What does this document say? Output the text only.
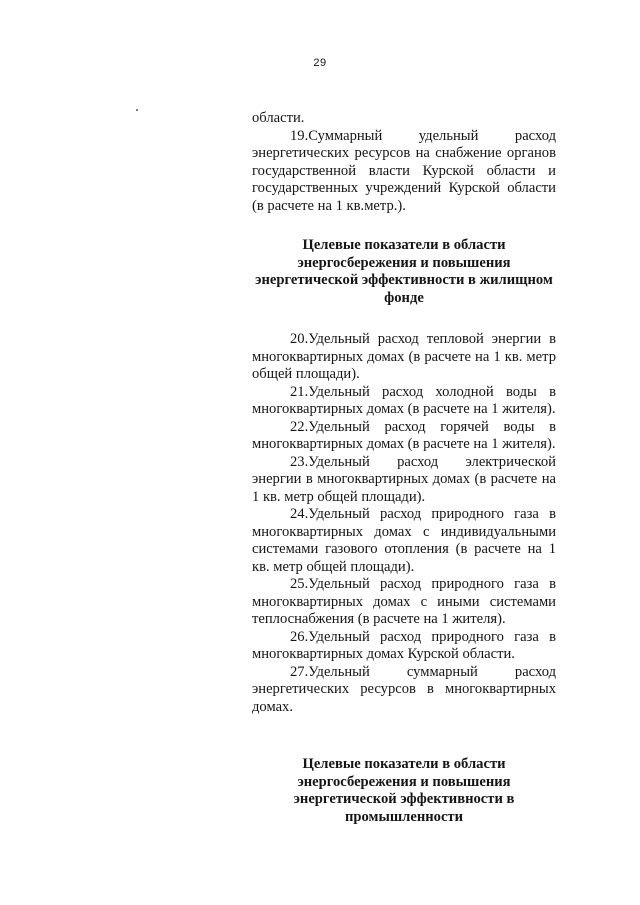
29

области.

19.Суммарный удельный расход энергетических ресурсов на снабжение органов государственной власти Курской области и государственных учреждений Курской области (в расчете на 1 кв.метр.).

Целевые показатели в области энергосбережения и повышения энергетической эффективности в жилищном фонде

20.Удельный расход тепловой энергии в многоквартирных домах (в расчете на 1 кв. метр общей площади).

21.Удельный расход холодной воды в многоквартирных домах (в расчете на 1 жителя).

22.Удельный расход горячей воды в многоквартирных домах (в расчете на 1 жителя).

23.Удельный расход электрической энергии в многоквартирных домах (в расчете на 1 кв. метр общей площади).

24.Удельный расход природного газа в многоквартирных домах с индивидуальными системами газового отопления (в расчете на 1 кв. метр общей площади).

25.Удельный расход природного газа в многоквартирных домах с иными системами теплоснабжения (в расчете на 1 жителя).

26.Удельный расход природного газа в многоквартирных домах Курской области.

27.Удельный суммарный расход энергетических ресурсов в многоквартирных домах.

Целевые показатели в области энергосбережения и повышения энергетической эффективности в промышленности
